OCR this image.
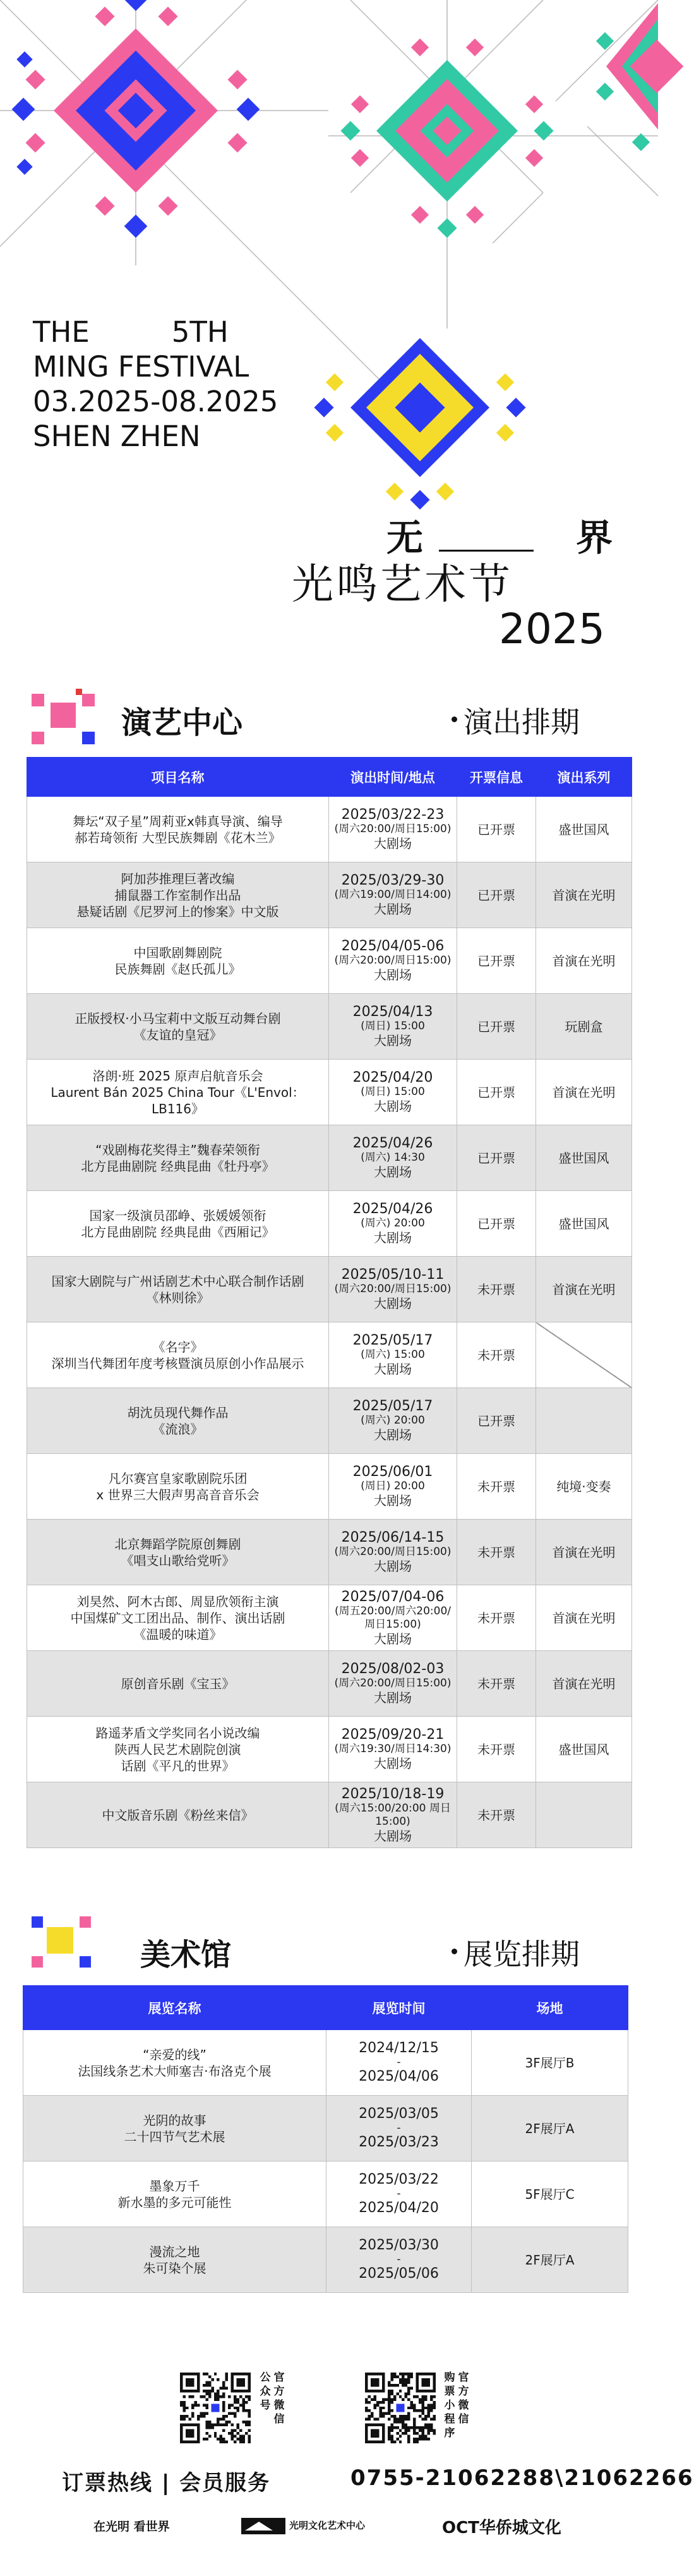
THE	5TH
MING FESTIVAL
03.2025-08.2025
SHEN ZHEN
无	界
光鸣艺术节
2025
演艺中心	演出排期
项目名称	演出时间/地点	开票信息	演出系列

舞坛“双子星”周莉亚x韩真导演、编导
郝若琦领衔 大型民族舞剧《花木兰》	2025/03/22-23
(周六20:00/周日15:00)
大剧场	已开票	盛世国风

阿加莎推理巨著改编
捕鼠器工作室制作出品
悬疑话剧《尼罗河上的惨案》中文版	2025/03/29-30
(周六19:00/周日14:00)
大剧场	已开票	首演在光明

中国歌剧舞剧院
民族舞剧《赵氏孤儿》	2025/04/05-06
(周六20:00/周日15:00)
大剧场	已开票	首演在光明

正版授权·小马宝莉中文版互动舞台剧
《友谊的皇冠》	2025/04/13
(周日) 15:00
大剧场	已开票	玩剧盒

洛朗·班 2025 原声启航音乐会
Laurent Bán 2025 China Tour《L'Envol：LB116》	2025/04/20
(周日) 15:00
大剧场	已开票	首演在光明

“戏剧梅花奖得主”魏春荣领衔
北方昆曲剧院 经典昆曲《牡丹亭》	2025/04/26
(周六) 14:30
大剧场	已开票	盛世国风

国家一级演员邵峥、张媛媛领衔
北方昆曲剧院 经典昆曲《西厢记》	2025/04/26
(周六) 20:00
大剧场	已开票	盛世国风

国家大剧院与广州话剧艺术中心联合制作话剧
《林则徐》	2025/05/10-11
(周六20:00/周日15:00)
大剧场	未开票	首演在光明

《名字》
深圳当代舞团年度考核暨演员原创小作品展示	2025/05/17
(周六) 15:00
大剧场	未开票	

胡沈员现代舞作品
《流浪》	2025/05/17
(周六) 20:00
大剧场	已开票	

凡尔赛宫皇家歌剧院乐团
x 世界三大假声男高音音乐会	2025/06/01
(周日) 20:00
大剧场	未开票	纯境·变奏

北京舞蹈学院原创舞剧
《唱支山歌给党听》	2025/06/14-15
(周六20:00/周日15:00)
大剧场	未开票	首演在光明

刘昊然、阿木古郎、周显欣领衔主演
中国煤矿文工团出品、制作、演出话剧
《温暖的味道》	2025/07/04-06
(周五20:00/周六20:00/周日15:00)
大剧场	未开票	首演在光明

原创音乐剧《宝玉》	2025/08/02-03
(周六20:00/周日15:00)
大剧场	未开票	首演在光明

路遥茅盾文学奖同名小说改编
陕西人民艺术剧院创演
话剧《平凡的世界》	2025/09/20-21
(周六19:30/周日14:30)
大剧场	未开票	盛世国风

中文版音乐剧《粉丝来信》	2025/10/18-19
(周六15:00/20:00 周日15:00)
大剧场	未开票	
美术馆	展览排期
展览名称	展览时间	场地

“亲爱的线”
法国线条艺术大师塞吉·布洛克个展	2024/12/15
-
2025/04/06	3F展厅B

光阴的故事
二十四节气艺术展	2025/03/05
-
2025/03/23	2F展厅A

墨象万千
新水墨的多元可能性	2025/03/22
-
2025/04/20	5F展厅C

漫流之地
朱可染个展	2025/03/30
-
2025/05/06	2F展厅A
公
众
号
官
方
微
信
购
票
小
程
序
官
方
微
信
订票热线 | 会员服务	0755-21062288\21062266
在光明 看世界	光明文化艺术中心	OCT华侨城文化
